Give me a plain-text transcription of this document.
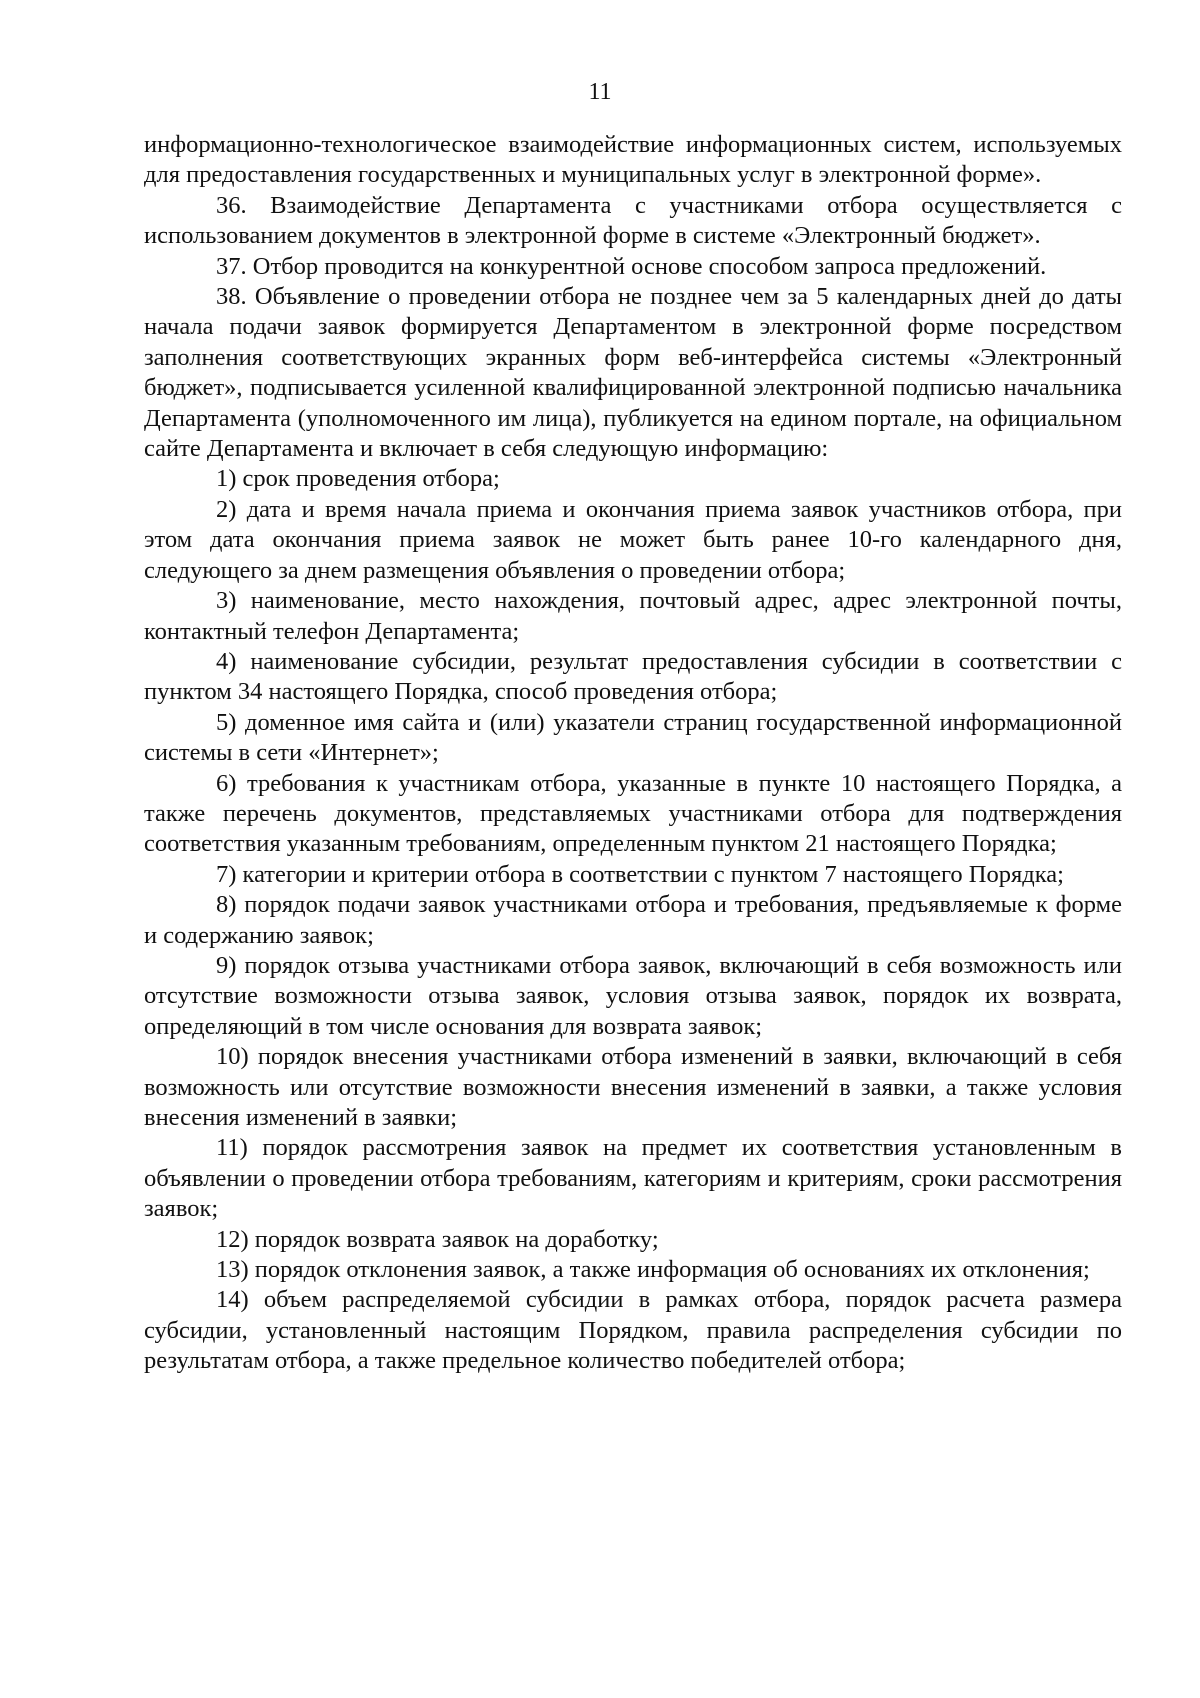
11

информационно-технологическое взаимодействие информационных систем, используемых для предоставления государственных и муниципальных услуг в электронной форме».

36. Взаимодействие Департамента с участниками отбора осуществляется с использованием документов в электронной форме в системе «Электронный бюджет».

37. Отбор проводится на конкурентной основе способом запроса предложений.

38. Объявление о проведении отбора не позднее чем за 5 календарных дней до даты начала подачи заявок формируется Департаментом в электронной форме посредством заполнения соответствующих экранных форм веб-интерфейса системы «Электронный бюджет», подписывается усиленной квалифицированной электронной подписью начальника Департамента (уполномоченного им лица), публикуется на едином портале, на официальном сайте Департамента и включает в себя следующую информацию:

1) срок проведения отбора;

2) дата и время начала приема и окончания приема заявок участников отбора, при этом дата окончания приема заявок не может быть ранее 10-го календарного дня, следующего за днем размещения объявления о проведении отбора;

3) наименование, место нахождения, почтовый адрес, адрес электронной почты, контактный телефон Департамента;

4) наименование субсидии, результат предоставления субсидии в соответствии с пунктом 34 настоящего Порядка, способ проведения отбора;

5) доменное имя сайта и (или) указатели страниц государственной информационной системы в сети «Интернет»;

6) требования к участникам отбора, указанные в пункте 10 настоящего Порядка, а также перечень документов, представляемых участниками отбора для подтверждения соответствия указанным требованиям, определенным пунктом 21 настоящего Порядка;

7) категории и критерии отбора в соответствии с пунктом 7 настоящего Порядка;

8) порядок подачи заявок участниками отбора и требования, предъявляемые к форме и содержанию заявок;

9) порядок отзыва участниками отбора заявок, включающий в себя возможность или отсутствие возможности отзыва заявок, условия отзыва заявок, порядок их возврата, определяющий в том числе основания для возврата заявок;

10) порядок внесения участниками отбора изменений в заявки, включающий в себя возможность или отсутствие возможности внесения изменений в заявки, а также условия внесения изменений в заявки;

11) порядок рассмотрения заявок на предмет их соответствия установленным в объявлении о проведении отбора требованиям, категориям и критериям, сроки рассмотрения заявок;

12) порядок возврата заявок на доработку;

13) порядок отклонения заявок, а также информация об основаниях их отклонения;

14) объем распределяемой субсидии в рамках отбора, порядок расчета размера субсидии, установленный настоящим Порядком, правила распределения субсидии по результатам отбора, а также предельное количество победителей отбора;
